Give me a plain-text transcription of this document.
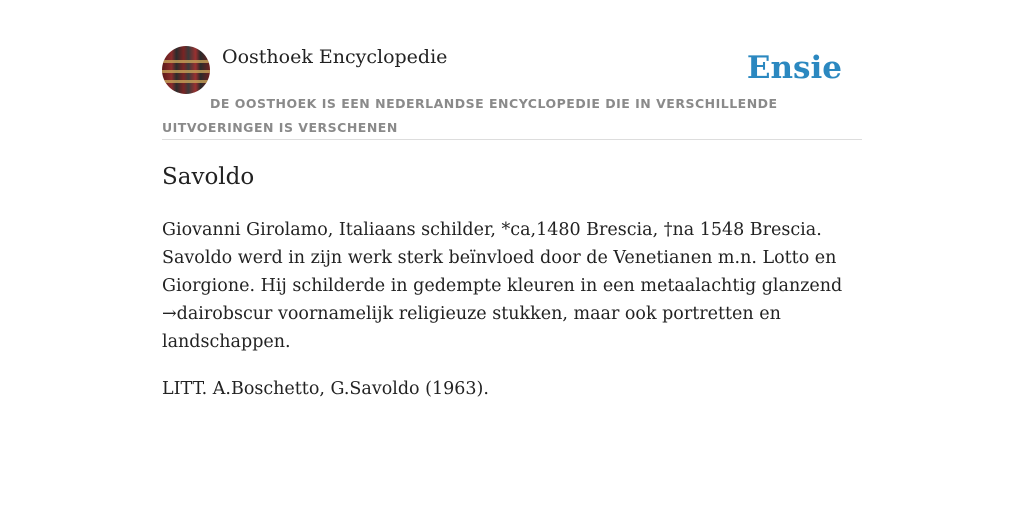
Oosthoek Encyclopedie	Ensie
DE OOSTHOEK IS EEN NEDERLANDSE ENCYCLOPEDIE DIE IN VERSCHILLENDE UITVOERINGEN IS VERSCHENEN
Savoldo

Giovanni Girolamo, Italiaans schilder, *ca,1480 Brescia, †na 1548 Brescia. Savoldo werd in zijn werk sterk beïnvloed door de Venetianen m.n. Lotto en Giorgione. Hij schilderde in gedempte kleuren in een metaalachtig glanzend →dairobscur voornamelijk religieuze stukken, maar ook portretten en landschappen.

LITT. A.Boschetto, G.Savoldo (1963).
